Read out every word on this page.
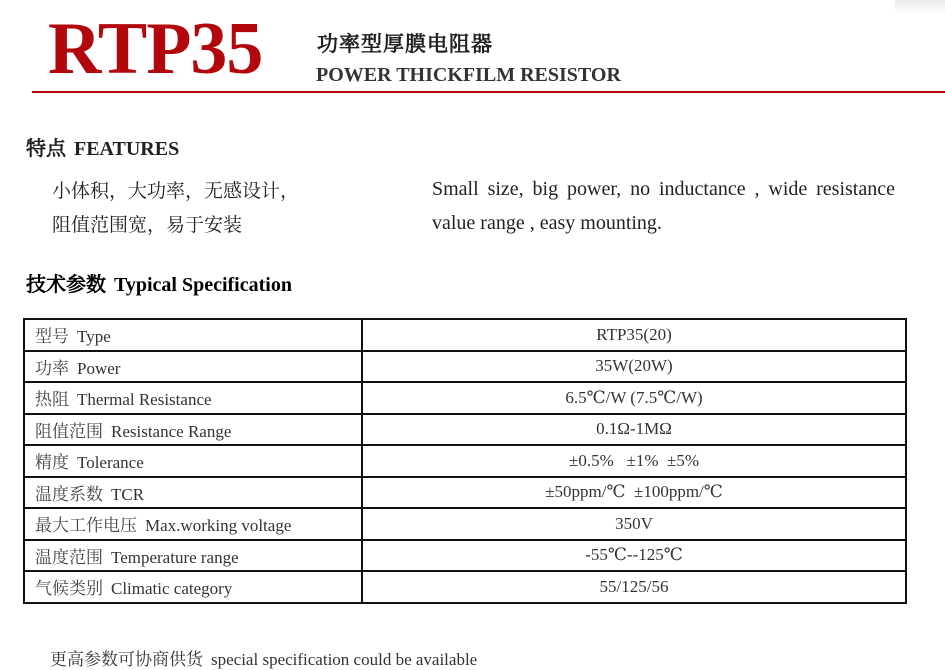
RTP35	功率型厚膜电阻器
POWER THICKFILM RESISTOR
特点 FEATURES
小体积，大功率，无感设计，
阻值范围宽，易于安装
Small size, big power, no inductance , wide resistance value range , easy mounting.
技术参数 Typical Specification
型号 Type	RTP35(20)
功率 Power	35W(20W)
热阻 Thermal Resistance	6.5℃/W (7.5℃/W)
阻值范围 Resistance Range	0.1Ω-1MΩ
精度 Tolerance	±0.5%   ±1%  ±5%
温度系数 TCR	±50ppm/℃  ±100ppm/℃
最大工作电压 Max.working voltage	350V
温度范围 Temperature range	-55℃--125℃
气候类别 Climatic category	55/125/56
更高参数可协商供货 special specification could be available
